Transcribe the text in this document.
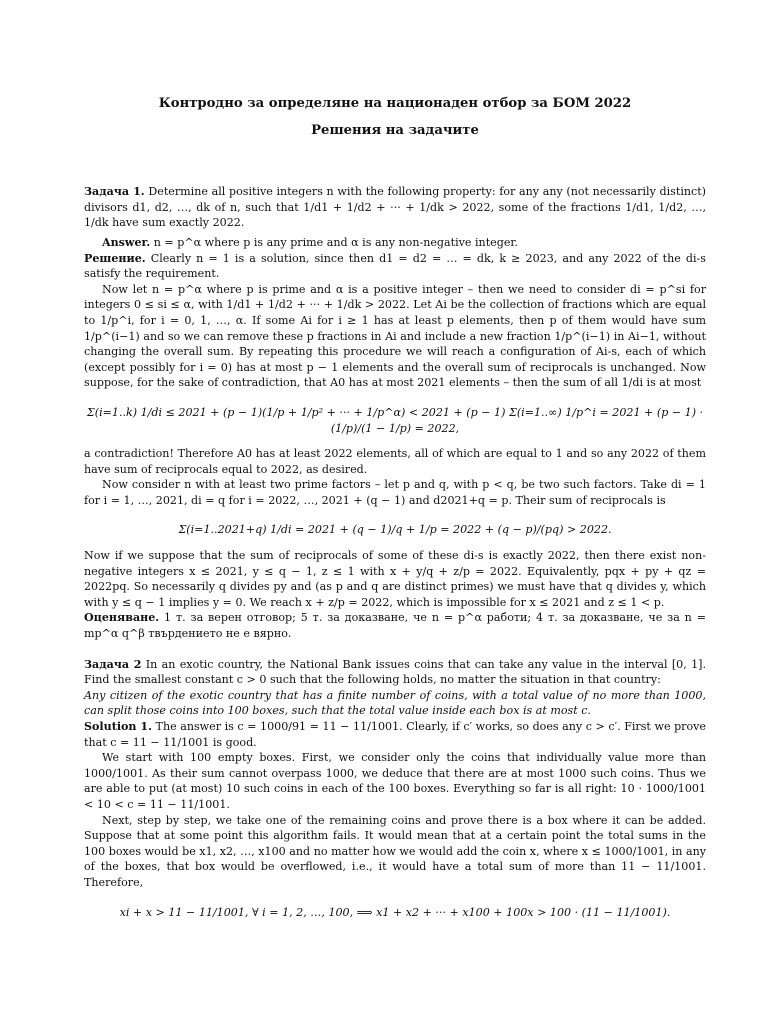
Контродно за определяне на национаден отбор за БОМ 2022
Решения на задачите

Задача 1. Determine all positive integers n with the following property: for any any (not necessarily distinct) divisors d1, d2, …, dk of n, such that 1/d1 + 1/d2 + ··· + 1/dk > 2022, some of the fractions 1/d1, 1/d2, …, 1/dk have sum exactly 2022.

Answer. n = p^α where p is any prime and α is any non-negative integer.

Решение. Clearly n = 1 is a solution, since then d1 = d2 = … = dk, k ≥ 2023, and any 2022 of the di-s satisfy the requirement.

Now let n = p^α where p is prime and α is a positive integer – then we need to consider di = p^si for integers 0 ≤ si ≤ α, with 1/d1 + 1/d2 + ··· + 1/dk > 2022. Let Ai be the collection of fractions which are equal to 1/p^i, for i = 0, 1, …, α. If some Ai for i ≥ 1 has at least p elements, then p of them would have sum 1/p^(i−1) and so we can remove these p fractions in Ai and include a new fraction 1/p^(i−1) in Ai−1, without changing the overall sum. By repeating this procedure we will reach a configuration of Ai-s, each of which (except possibly for i = 0) has at most p − 1 elements and the overall sum of reciprocals is unchanged. Now suppose, for the sake of contradiction, that A0 has at most 2021 elements – then the sum of all 1/di is at most

Σ(i=1..k) 1/di ≤ 2021 + (p − 1)(1/p + 1/p² + ··· + 1/p^α) < 2021 + (p − 1) Σ(i=1..∞) 1/p^i = 2021 + (p − 1) · (1/p)/(1 − 1/p) = 2022,

a contradiction! Therefore A0 has at least 2022 elements, all of which are equal to 1 and so any 2022 of them have sum of reciprocals equal to 2022, as desired.

Now consider n with at least two prime factors – let p and q, with p < q, be two such factors. Take di = 1 for i = 1, …, 2021, di = q for i = 2022, …, 2021 + (q − 1) and d2021+q = p. Their sum of reciprocals is

Σ(i=1..2021+q) 1/di = 2021 + (q − 1)/q + 1/p = 2022 + (q − p)/(pq) > 2022.

Now if we suppose that the sum of reciprocals of some of these di-s is exactly 2022, then there exist non-negative integers x ≤ 2021, y ≤ q − 1, z ≤ 1 with x + y/q + z/p = 2022. Equivalently, pqx + py + qz = 2022pq. So necessarily q divides py and (as p and q are distinct primes) we must have that q divides y, which with y ≤ q − 1 implies y = 0. We reach x + z/p = 2022, which is impossible for x ≤ 2021 and z ≤ 1 < p.

Оценяване. 1 т. за верен отговор; 5 т. за доказване, че n = p^α работи; 4 т. за доказване, че за n = mp^α q^β твърдението не е вярно.

Задача 2 In an exotic country, the National Bank issues coins that can take any value in the interval [0, 1]. Find the smallest constant c > 0 such that the following holds, no matter the situation in that country:

Any citizen of the exotic country that has a finite number of coins, with a total value of no more than 1000, can split those coins into 100 boxes, such that the total value inside each box is at most c.

Solution 1. The answer is c = 1000/91 = 11 − 11/1001. Clearly, if c′ works, so does any c > c′. First we prove that c = 11 − 11/1001 is good.

We start with 100 empty boxes. First, we consider only the coins that individually value more than 1000/1001. As their sum cannot overpass 1000, we deduce that there are at most 1000 such coins. Thus we are able to put (at most) 10 such coins in each of the 100 boxes. Everything so far is all right: 10 · 1000/1001 < 10 < c = 11 − 11/1001.

Next, step by step, we take one of the remaining coins and prove there is a box where it can be added. Suppose that at some point this algorithm fails. It would mean that at a certain point the total sums in the 100 boxes would be x1, x2, …, x100 and no matter how we would add the coin x, where x ≤ 1000/1001, in any of the boxes, that box would be overflowed, i.e., it would have a total sum of more than 11 − 11/1001. Therefore,

xi + x > 11 − 11/1001, ∀ i = 1, 2, …, 100, ⟹ x1 + x2 + ··· + x100 + 100x > 100 · (11 − 11/1001).
